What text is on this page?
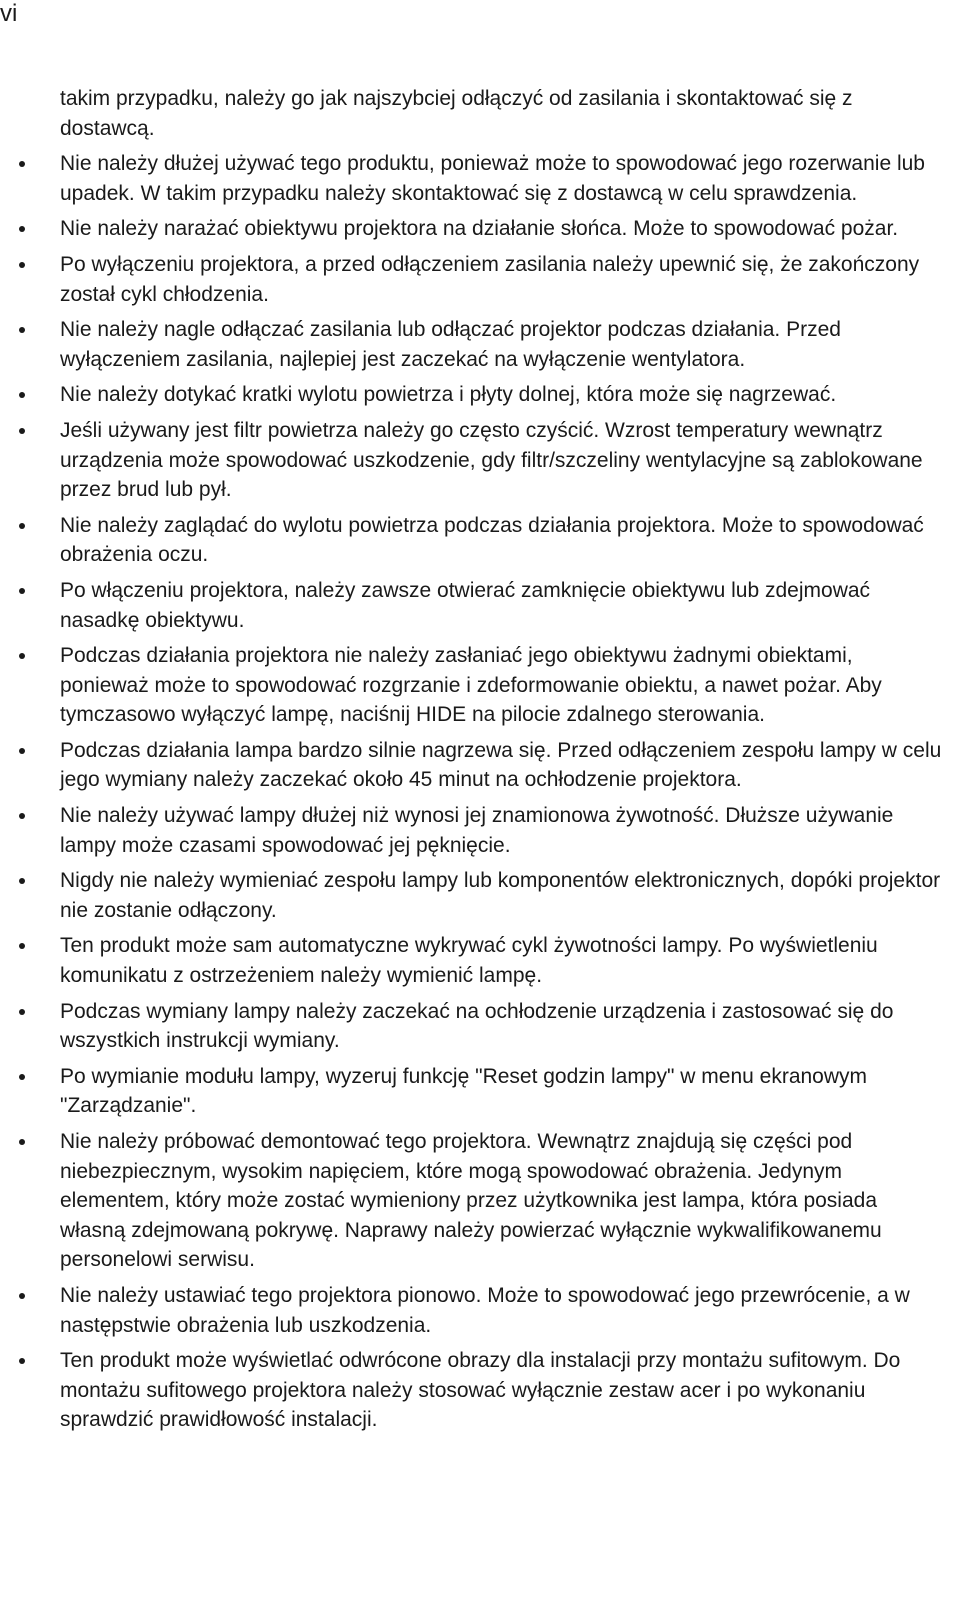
vi
takim przypadku, należy go jak najszybciej odłączyć od zasilania i skontaktować się z dostawcą.
Nie należy dłużej używać tego produktu, ponieważ może to spowodować jego rozerwanie lub upadek. W takim przypadku należy skontaktować się z dostawcą w celu sprawdzenia.
Nie należy narażać obiektywu projektora na działanie słońca. Może to spowodować pożar.
Po wyłączeniu projektora, a przed odłączeniem zasilania należy upewnić się, że zakończony został cykl chłodzenia.
Nie należy nagle odłączać zasilania lub odłączać projektor podczas działania. Przed wyłączeniem zasilania, najlepiej jest zaczekać na wyłączenie wentylatora.
Nie należy dotykać kratki wylotu powietrza i płyty dolnej, która może się nagrzewać.
Jeśli używany jest filtr powietrza należy go często czyścić. Wzrost temperatury wewnątrz urządzenia może spowodować uszkodzenie, gdy filtr/szczeliny wentylacyjne są zablokowane przez brud lub pył.
Nie należy zaglądać do wylotu powietrza podczas działania projektora. Może to spowodować obrażenia oczu.
Po włączeniu projektora, należy zawsze otwierać zamknięcie obiektywu lub zdejmować nasadkę obiektywu.
Podczas działania projektora nie należy zasłaniać jego obiektywu żadnymi obiektami, ponieważ może to spowodować rozgrzanie i zdeformowanie obiektu, a nawet pożar. Aby tymczasowo wyłączyć lampę, naciśnij HIDE na pilocie zdalnego sterowania.
Podczas działania lampa bardzo silnie nagrzewa się. Przed odłączeniem zespołu lampy w celu jego wymiany należy zaczekać około 45 minut na ochłodzenie projektora.
Nie należy używać lampy dłużej niż wynosi jej znamionowa żywotność. Dłuższe używanie lampy może czasami spowodować jej pęknięcie.
Nigdy nie należy wymieniać zespołu lampy lub komponentów elektronicznych, dopóki projektor nie zostanie odłączony.
Ten produkt może sam automatyczne wykrywać cykl żywotności lampy. Po wyświetleniu komunikatu z ostrzeżeniem należy wymienić lampę.
Podczas wymiany lampy należy zaczekać na ochłodzenie urządzenia i zastosować się do wszystkich instrukcji wymiany.
Po wymianie modułu lampy, wyzeruj funkcję "Reset godzin lampy" w menu ekranowym "Zarządzanie".
Nie należy próbować demontować tego projektora. Wewnątrz znajdują się części pod niebezpiecznym, wysokim napięciem, które mogą spowodować obrażenia. Jedynym elementem, który może zostać wymieniony przez użytkownika jest lampa, która posiada własną zdejmowaną pokrywę. Naprawy należy powierzać wyłącznie wykwalifikowanemu personelowi serwisu.
Nie należy ustawiać tego projektora pionowo. Może to spowodować jego przewrócenie, a w następstwie obrażenia lub uszkodzenia.
Ten produkt może wyświetlać odwrócone obrazy dla instalacji przy montażu sufitowym. Do montażu sufitowego projektora należy stosować wyłącznie zestaw acer i po wykonaniu sprawdzić prawidłowość instalacji.
